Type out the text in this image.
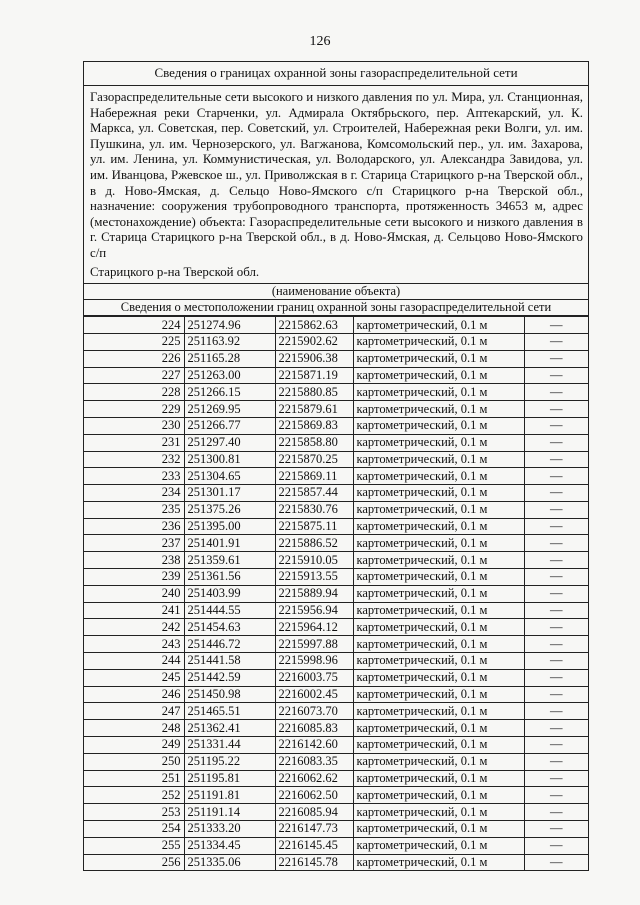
126
Сведения о границах охранной зоны газораспределительной сети
Газораспределительные сети высокого и низкого давления по ул. Мира, ул. Станционная, Набережная реки Старченки, ул. Адмирала Октябрьского, пер. Аптекарский, ул. К. Маркса, ул. Советская, пер. Советский, ул. Строителей, Набережная реки Волги, ул. им. Пушкина, ул. им. Чернозерского, ул. Вагжанова, Комсомольский пер., ул. им. Захарова, ул. им. Ленина, ул. Коммунистическая, ул. Володарского, ул. Александра Завидова, ул. им. Иванцова, Ржевское ш., ул. Приволжская в г. Старица Старицкого р-на Тверской обл., в д. Ново-Ямская, д. Сельцо Ново-Ямского с/п Старицкого р-на Тверской обл., назначение: сооружения трубопроводного транспорта, протяженность 34653 м, адрес (местонахождение) объекта: Газораспределительные сети высокого и низкого давления в г. Старица Старицкого р-на Тверской обл., в д. Ново-Ямская, д. Сельцово Ново-Ямского с/п
Старицкого р-на Тверской обл.
(наименование объекта)
Сведения о местоположении границ охранной зоны газораспределительной сети
224	251274.96	2215862.63	картометрический, 0.1 м	—
225	251163.92	2215902.62	картометрический, 0.1 м	—
226	251165.28	2215906.38	картометрический, 0.1 м	—
227	251263.00	2215871.19	картометрический, 0.1 м	—
228	251266.15	2215880.85	картометрический, 0.1 м	—
229	251269.95	2215879.61	картометрический, 0.1 м	—
230	251266.77	2215869.83	картометрический, 0.1 м	—
231	251297.40	2215858.80	картометрический, 0.1 м	—
232	251300.81	2215870.25	картометрический, 0.1 м	—
233	251304.65	2215869.11	картометрический, 0.1 м	—
234	251301.17	2215857.44	картометрический, 0.1 м	—
235	251375.26	2215830.76	картометрический, 0.1 м	—
236	251395.00	2215875.11	картометрический, 0.1 м	—
237	251401.91	2215886.52	картометрический, 0.1 м	—
238	251359.61	2215910.05	картометрический, 0.1 м	—
239	251361.56	2215913.55	картометрический, 0.1 м	—
240	251403.99	2215889.94	картометрический, 0.1 м	—
241	251444.55	2215956.94	картометрический, 0.1 м	—
242	251454.63	2215964.12	картометрический, 0.1 м	—
243	251446.72	2215997.88	картометрический, 0.1 м	—
244	251441.58	2215998.96	картометрический, 0.1 м	—
245	251442.59	2216003.75	картометрический, 0.1 м	—
246	251450.98	2216002.45	картометрический, 0.1 м	—
247	251465.51	2216073.70	картометрический, 0.1 м	—
248	251362.41	2216085.83	картометрический, 0.1 м	—
249	251331.44	2216142.60	картометрический, 0.1 м	—
250	251195.22	2216083.35	картометрический, 0.1 м	—
251	251195.81	2216062.62	картометрический, 0.1 м	—
252	251191.81	2216062.50	картометрический, 0.1 м	—
253	251191.14	2216085.94	картометрический, 0.1 м	—
254	251333.20	2216147.73	картометрический, 0.1 м	—
255	251334.45	2216145.45	картометрический, 0.1 м	—
256	251335.06	2216145.78	картометрический, 0.1 м	—
